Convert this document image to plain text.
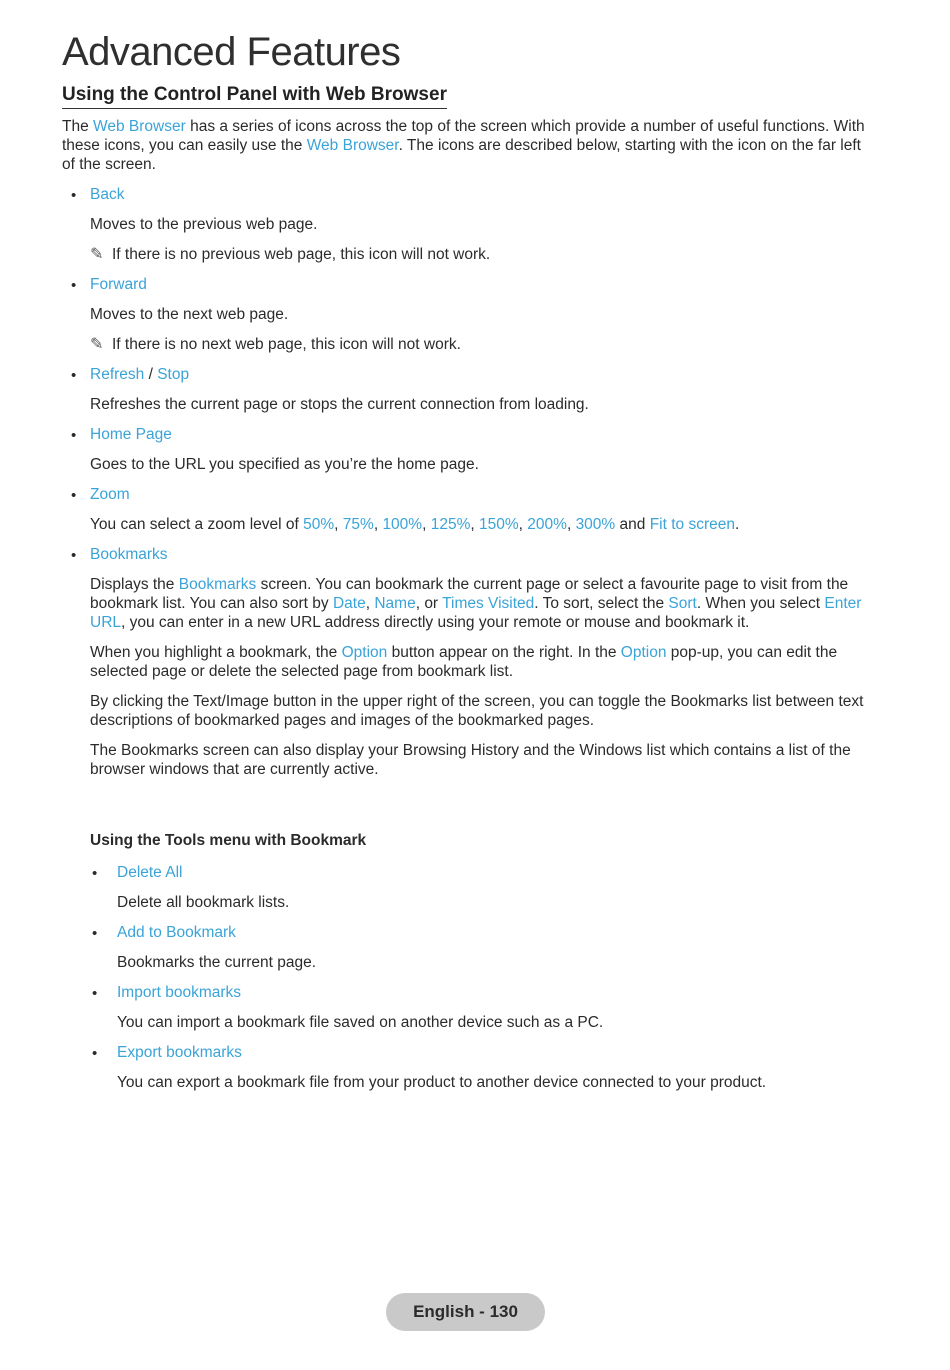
Advanced Features
Using the Control Panel with Web Browser

The Web Browser has a series of icons across the top of the screen which provide a number of useful functions. With these icons, you can easily use the Web Browser. The icons are described below, starting with the icon on the far left of the screen.

• Back

Moves to the previous web page.

✎ If there is no previous web page, this icon will not work.

• Forward

Moves to the next web page.

✎ If there is no next web page, this icon will not work.

• Refresh / Stop

Refreshes the current page or stops the current connection from loading.

• Home Page

Goes to the URL you specified as you’re the home page.

• Zoom

You can select a zoom level of 50%, 75%, 100%, 125%, 150%, 200%, 300% and Fit to screen.

• Bookmarks

Displays the Bookmarks screen. You can bookmark the current page or select a favourite page to visit from the bookmark list. You can also sort by Date, Name, or Times Visited. To sort, select the Sort. When you select Enter URL, you can enter in a new URL address directly using your remote or mouse and bookmark it.

When you highlight a bookmark, the Option button appear on the right. In the Option pop-up, you can edit the selected page or delete the selected page from bookmark list.

By clicking the Text/Image button in the upper right of the screen, you can toggle the Bookmarks list between text descriptions of bookmarked pages and images of the bookmarked pages.

The Bookmarks screen can also display your Browsing History and the Windows list which contains a list of the browser windows that are currently active.

Using the Tools menu with Bookmark

• Delete All

Delete all bookmark lists.

• Add to Bookmark

Bookmarks the current page.

• Import bookmarks

You can import a bookmark file saved on another device such as a PC.

• Export bookmarks

You can export a bookmark file from your product to another device connected to your product.

English - 130
